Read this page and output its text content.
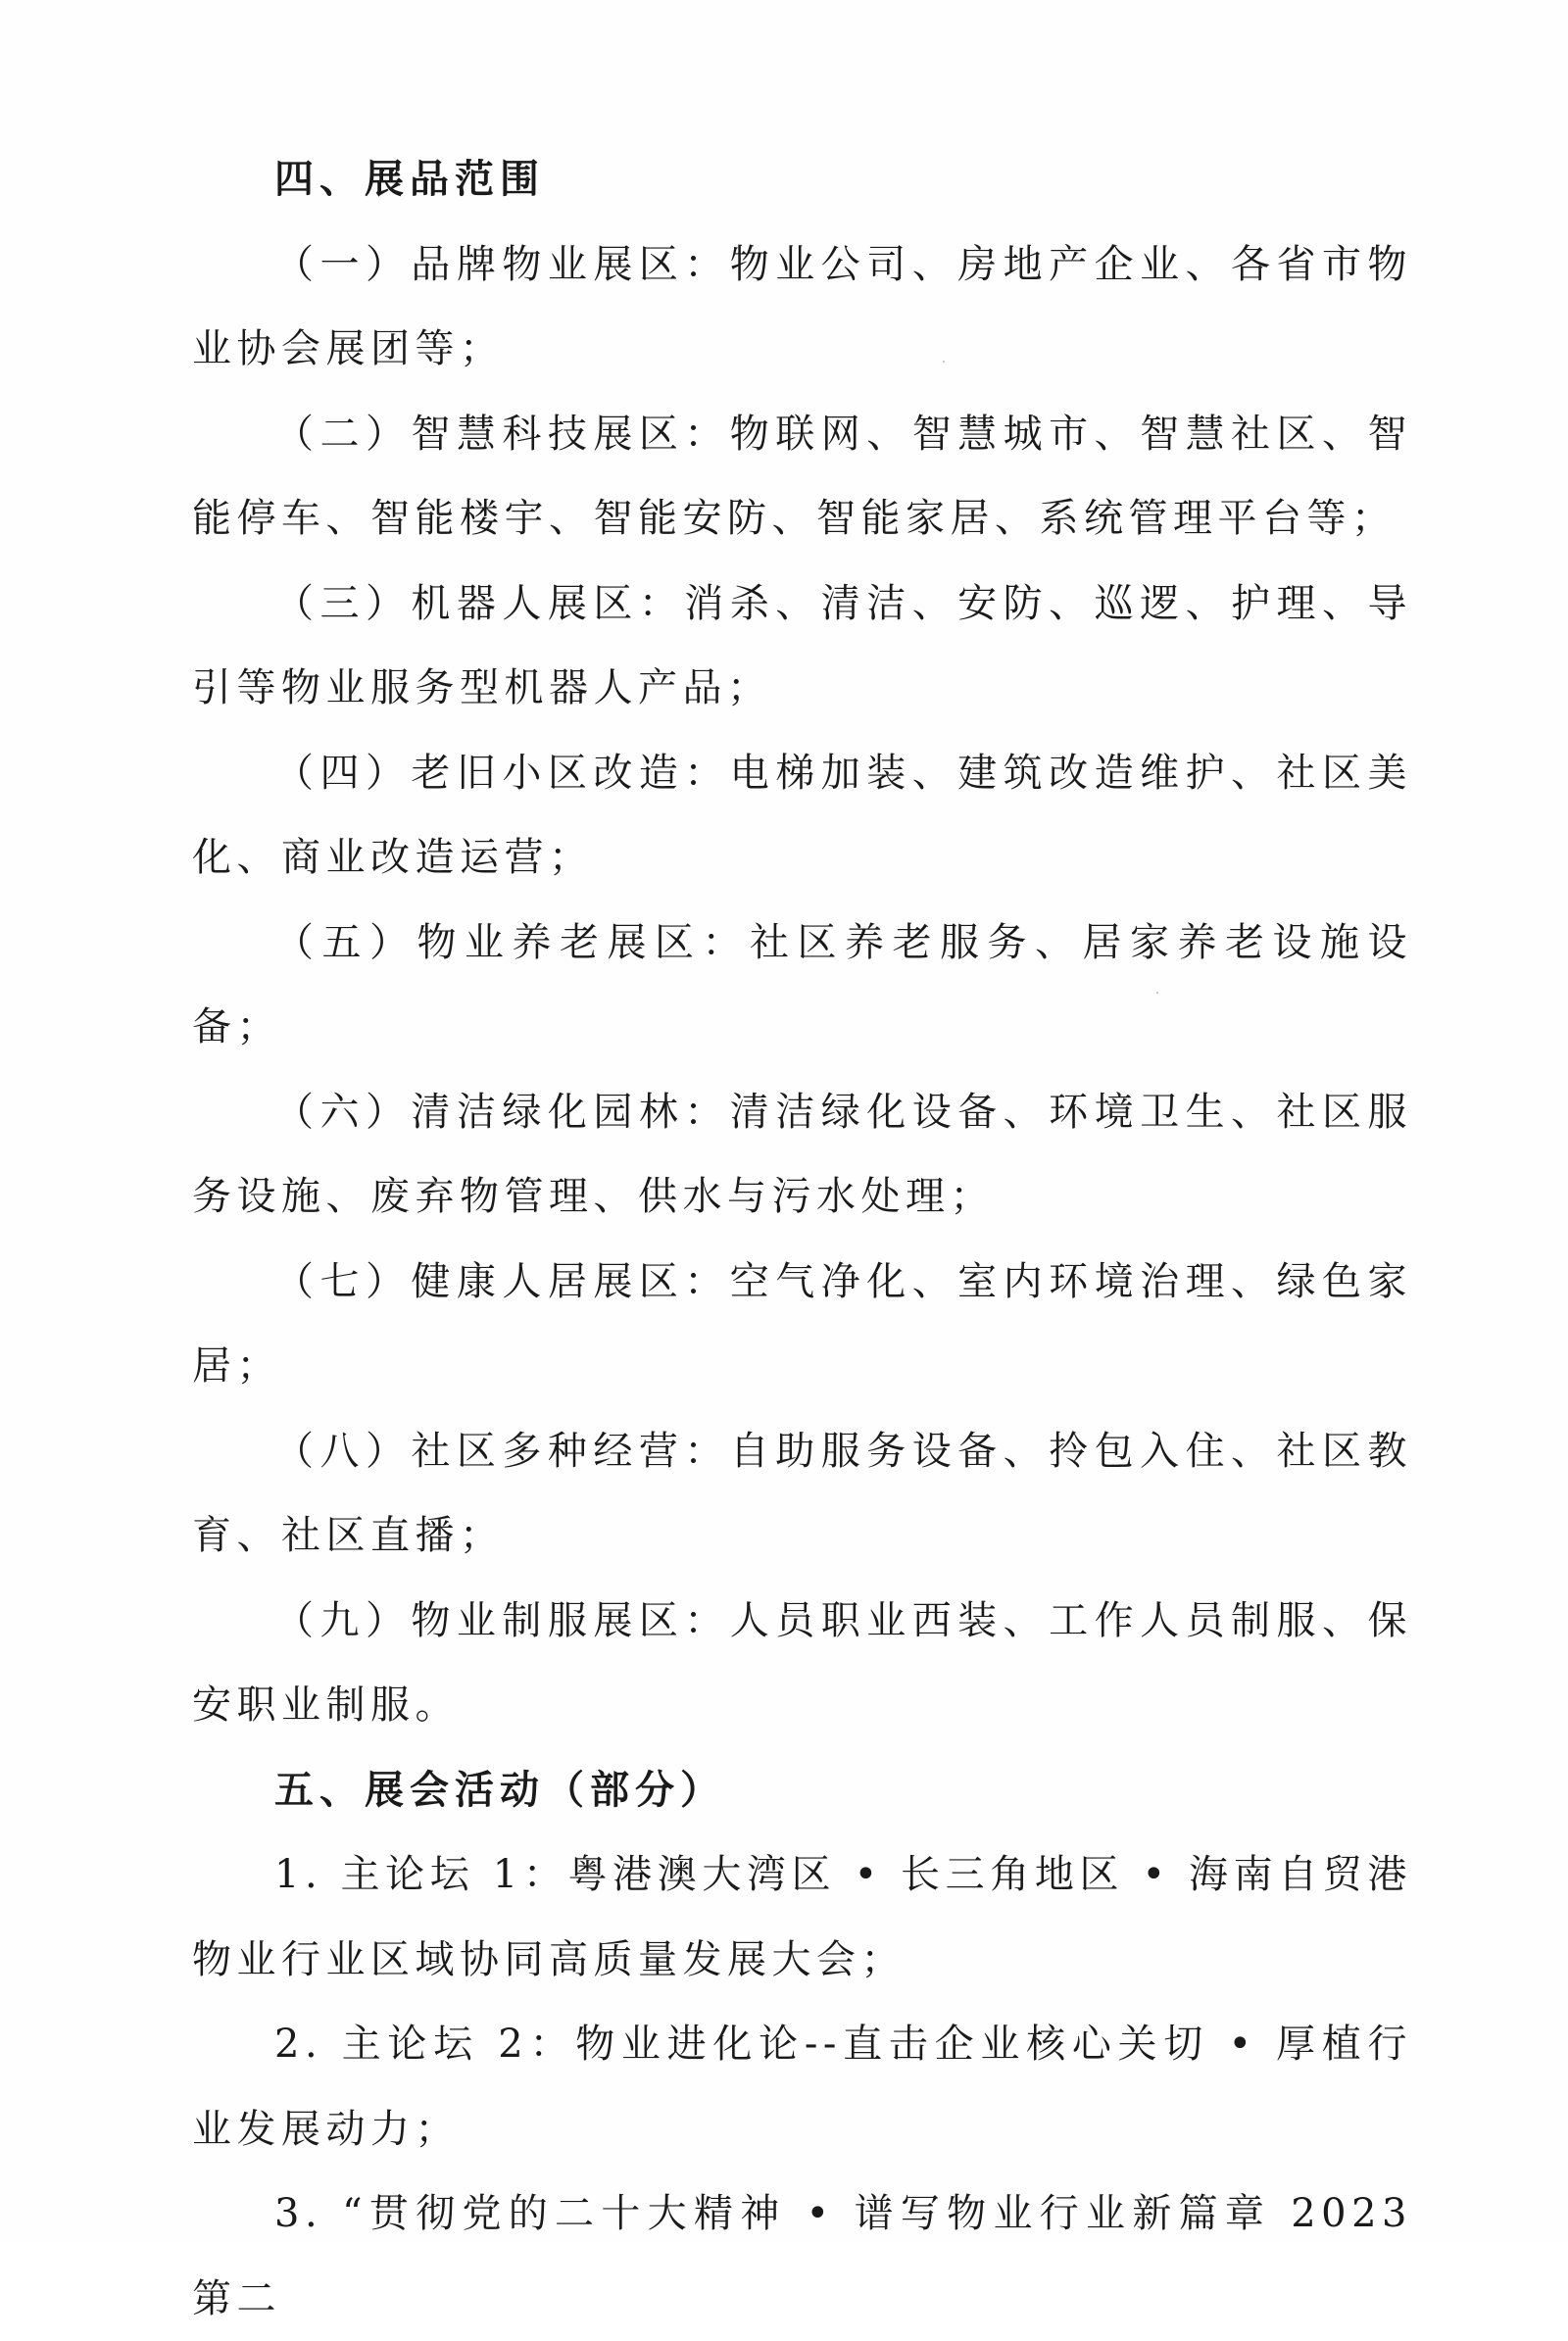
四、展品范围

（一）品牌物业展区：物业公司、房地产企业、各省市物业协会展团等；

（二）智慧科技展区：物联网、智慧城市、智慧社区、智能停车、智能楼宇、智能安防、智能家居、系统管理平台等；

（三）机器人展区：消杀、清洁、安防、巡逻、护理、导引等物业服务型机器人产品；

（四）老旧小区改造：电梯加装、建筑改造维护、社区美化、商业改造运营；

（五）物业养老展区：社区养老服务、居家养老设施设备；

（六）清洁绿化园林：清洁绿化设备、环境卫生、社区服务设施、废弃物管理、供水与污水处理；

（七）健康人居展区：空气净化、室内环境治理、绿色家居；

（八）社区多种经营：自助服务设备、拎包入住、社区教育、社区直播；

（九）物业制服展区：人员职业西装、工作人员制服、保安职业制服。

五、展会活动（部分）

1. 主论坛 1：粤港澳大湾区 • 长三角地区 • 海南自贸港物业行业区域协同高质量发展大会；

2. 主论坛 2：物业进化论--直击企业核心关切 • 厚植行业发展动力；

3. “贯彻党的二十大精神 • 谱写物业行业新篇章 2023 第二
